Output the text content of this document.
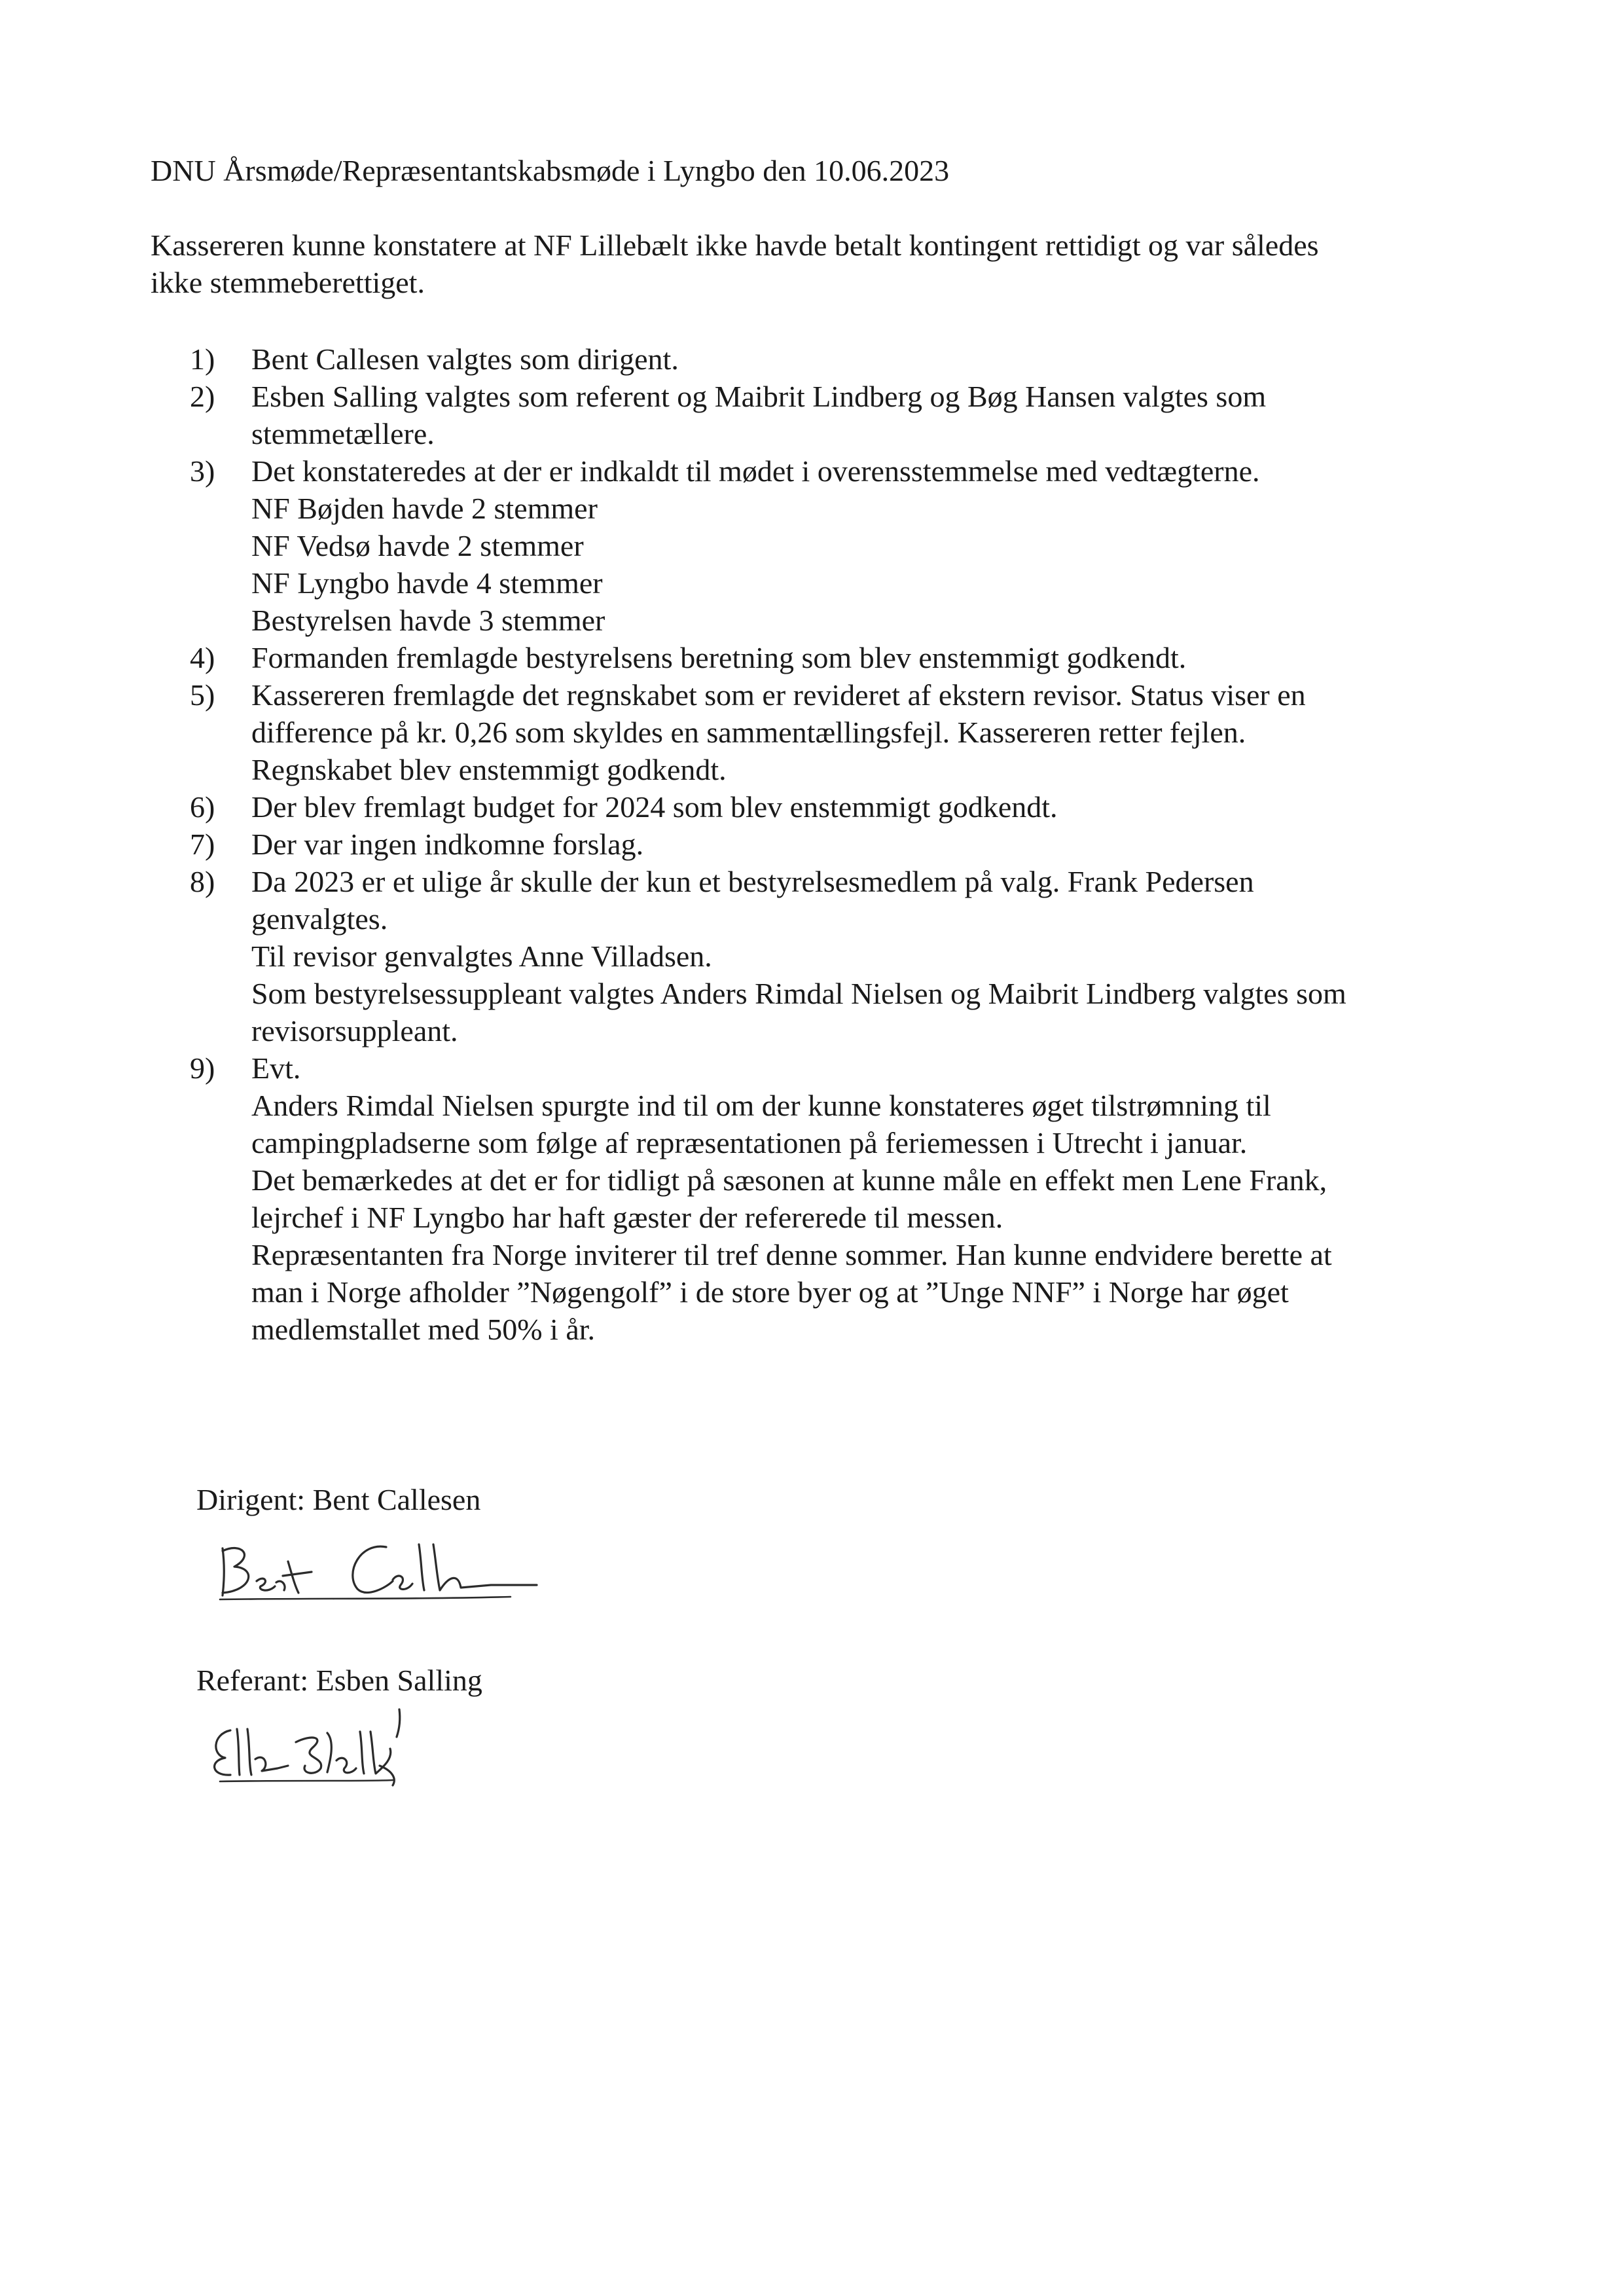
DNU Årsmøde/Repræsentantskabsmøde i Lyngbo den 10.06.2023
Kassereren kunne konstatere at NF Lillebælt ikke havde betalt kontingent rettidigt og var således
ikke stemmeberettiget.
1)	Bent Callesen valgtes som dirigent.
2)	Esben Salling valgtes som referent og Maibrit Lindberg og Bøg Hansen valgtes som
stemmetællere.
3)	Det konstateredes at der er indkaldt til mødet i overensstemmelse med vedtægterne.
NF Bøjden havde 2 stemmer
NF Vedsø havde 2 stemmer
NF Lyngbo havde 4 stemmer
Bestyrelsen havde 3 stemmer
4)	Formanden fremlagde bestyrelsens beretning som blev enstemmigt godkendt.
5)	Kassereren fremlagde det regnskabet som er revideret af ekstern revisor. Status viser en
difference på kr. 0,26 som skyldes en sammentællingsfejl. Kassereren retter fejlen.
Regnskabet blev enstemmigt godkendt.
6)	Der blev fremlagt budget for 2024 som blev enstemmigt godkendt.
7)	Der var ingen indkomne forslag.
8)	Da 2023 er et ulige år skulle der kun et bestyrelsesmedlem på valg. Frank Pedersen
genvalgtes.
Til revisor genvalgtes Anne Villadsen.
Som bestyrelsessuppleant valgtes Anders Rimdal Nielsen og Maibrit Lindberg valgtes som
revisorsuppleant.
9)	Evt.
Anders Rimdal Nielsen spurgte ind til om der kunne konstateres øget tilstrømning til
campingpladserne som følge af repræsentationen på feriemessen i Utrecht i januar.
Det bemærkedes at det er for tidligt på sæsonen at kunne måle en effekt men Lene Frank,
lejrchef i NF Lyngbo har haft gæster der refererede til messen.
Repræsentanten fra Norge inviterer til tref denne sommer. Han kunne endvidere berette at
man i Norge afholder ”Nøgengolf” i de store byer og at ”Unge NNF” i Norge har øget
medlemstallet med 50% i år.
Dirigent: Bent Callesen
Referant: Esben Salling
